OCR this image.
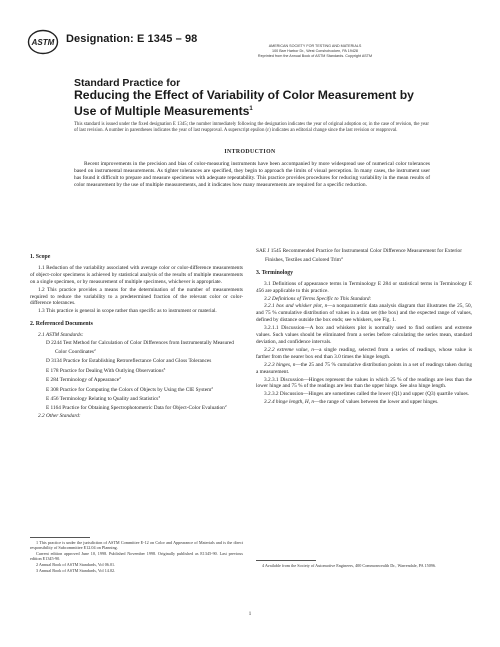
ASTM Designation: E 1345 – 98
AMERICAN SOCIETY FOR TESTING AND MATERIALS
100 Barr Harbor Dr., West Conshohocken, PA 19428
Reprinted from the Annual Book of ASTM Standards. Copyright ASTM
Standard Practice for
Reducing the Effect of Variability of Color Measurement by Use of Multiple Measurements$^1$
This standard is issued under the fixed designation E 1345; the number immediately following the designation indicates the year of original adoption or, in the case of revision, the year of last revision. A number in parentheses indicates the year of last reapproval. A superscript epsilon (ε) indicates an editorial change since the last revision or reapproval.
INTRODUCTION
Recent improvements in the precision and bias of color-measuring instruments have been accompanied by more widespread use of numerical color tolerances based on instrumental measurements. As tighter tolerances are specified, they begin to approach the limits of visual perception. In many cases, the instrument user has found it difficult to prepare and measure specimens with adequate repeatability. This practice provides procedures for reducing variability in the mean results of color measurement by the use of multiple measurements, and it indicates how many measurements are required for a specific reduction.
1. Scope
1.1 Reduction of the variability associated with average color or color-difference measurements of object-color specimens is achieved by statistical analysis of the results of multiple measurements on a single specimen, or by measurement of multiple specimens, whichever is appropriate.
1.2 This practice provides a means for the determination of the number of measurements required to reduce the variability to a predetermined fraction of the relevant color or color-difference tolerances.
1.3 This practice is general in scope rather than specific as to instrument or material.
2. Referenced Documents
2.1 ASTM Standards:
D 2244 Test Method for Calculation of Color Differences from Instrumentally Measured Color Coordinates$^2$
D 3134 Practice for Establishing Retroreflectance Color and Gloss Tolerances
E 178 Practice for Dealing With Outlying Observations$^3$
E 284 Terminology of Appearance$^2$
E 308 Practice for Computing the Colors of Objects by Using the CIE System$^2$
E 456 Terminology Relating to Quality and Statistics$^3$
E 1164 Practice for Obtaining Spectrophotometric Data for Object-Color Evaluation$^2$
2.2 Other Standard:
SAE J 1545 Recommended Practice for Instrumental Color Difference Measurement for Exterior Finishes, Textiles and Colored Trim$^4$
3. Terminology
3.1 Definitions of appearance terms in Terminology E 284 or statistical terms in Terminology E 456 are applicable to this practice.
3.2 Definitions of Terms Specific to This Standard:
3.2.1 box and whisker plot, n—a nonparametric data analysis diagram that illustrates the 25, 50, and 75 % cumulative distribution of values in a data set (the box) and the expected range of values, defined by distance outside the box ends; see whiskers, see Fig. 1.
3.2.1.1 Discussion—A box and whiskers plot is normally used to find outliers and extreme values. Such values should be eliminated from a series before calculating the series mean, standard deviation, and confidence intervals.
3.2.2 extreme value, n—a single reading, selected from a series of readings, whose value is farther from the nearer box end than 3.0 times the hinge length.
3.2.3 hinges, n—the 25 and 75 % cumulative distribution points in a set of readings taken during a measurement.
3.2.3.1 Discussion—Hinges represent the values in which 25 % of the readings are less than the lower hinge and 75 % of the readings are less than the upper hinge. See also hinge length.
3.2.3.2 Discussion—Hinges are sometimes called the lower (Q1) and upper (Q3) quartile values.
3.2.4 hinge length, H, n—the range of values between the lower and upper hinges.
1 This practice is under the jurisdiction of ASTM Committee E-12 on Color and Appearance of Materials and is the direct responsibility of Subcommittee E12.04 on Planning.
Current edition approved June 10, 1998. Published November 1998. Originally published as E1345-90. Last previous edition E1345-90.
2 Annual Book of ASTM Standards, Vol 06.01.
3 Annual Book of ASTM Standards, Vol 14.02.
4 Available from the Society of Automotive Engineers, 400 Commonwealth Dr., Warrendale, PA 15096.
1
